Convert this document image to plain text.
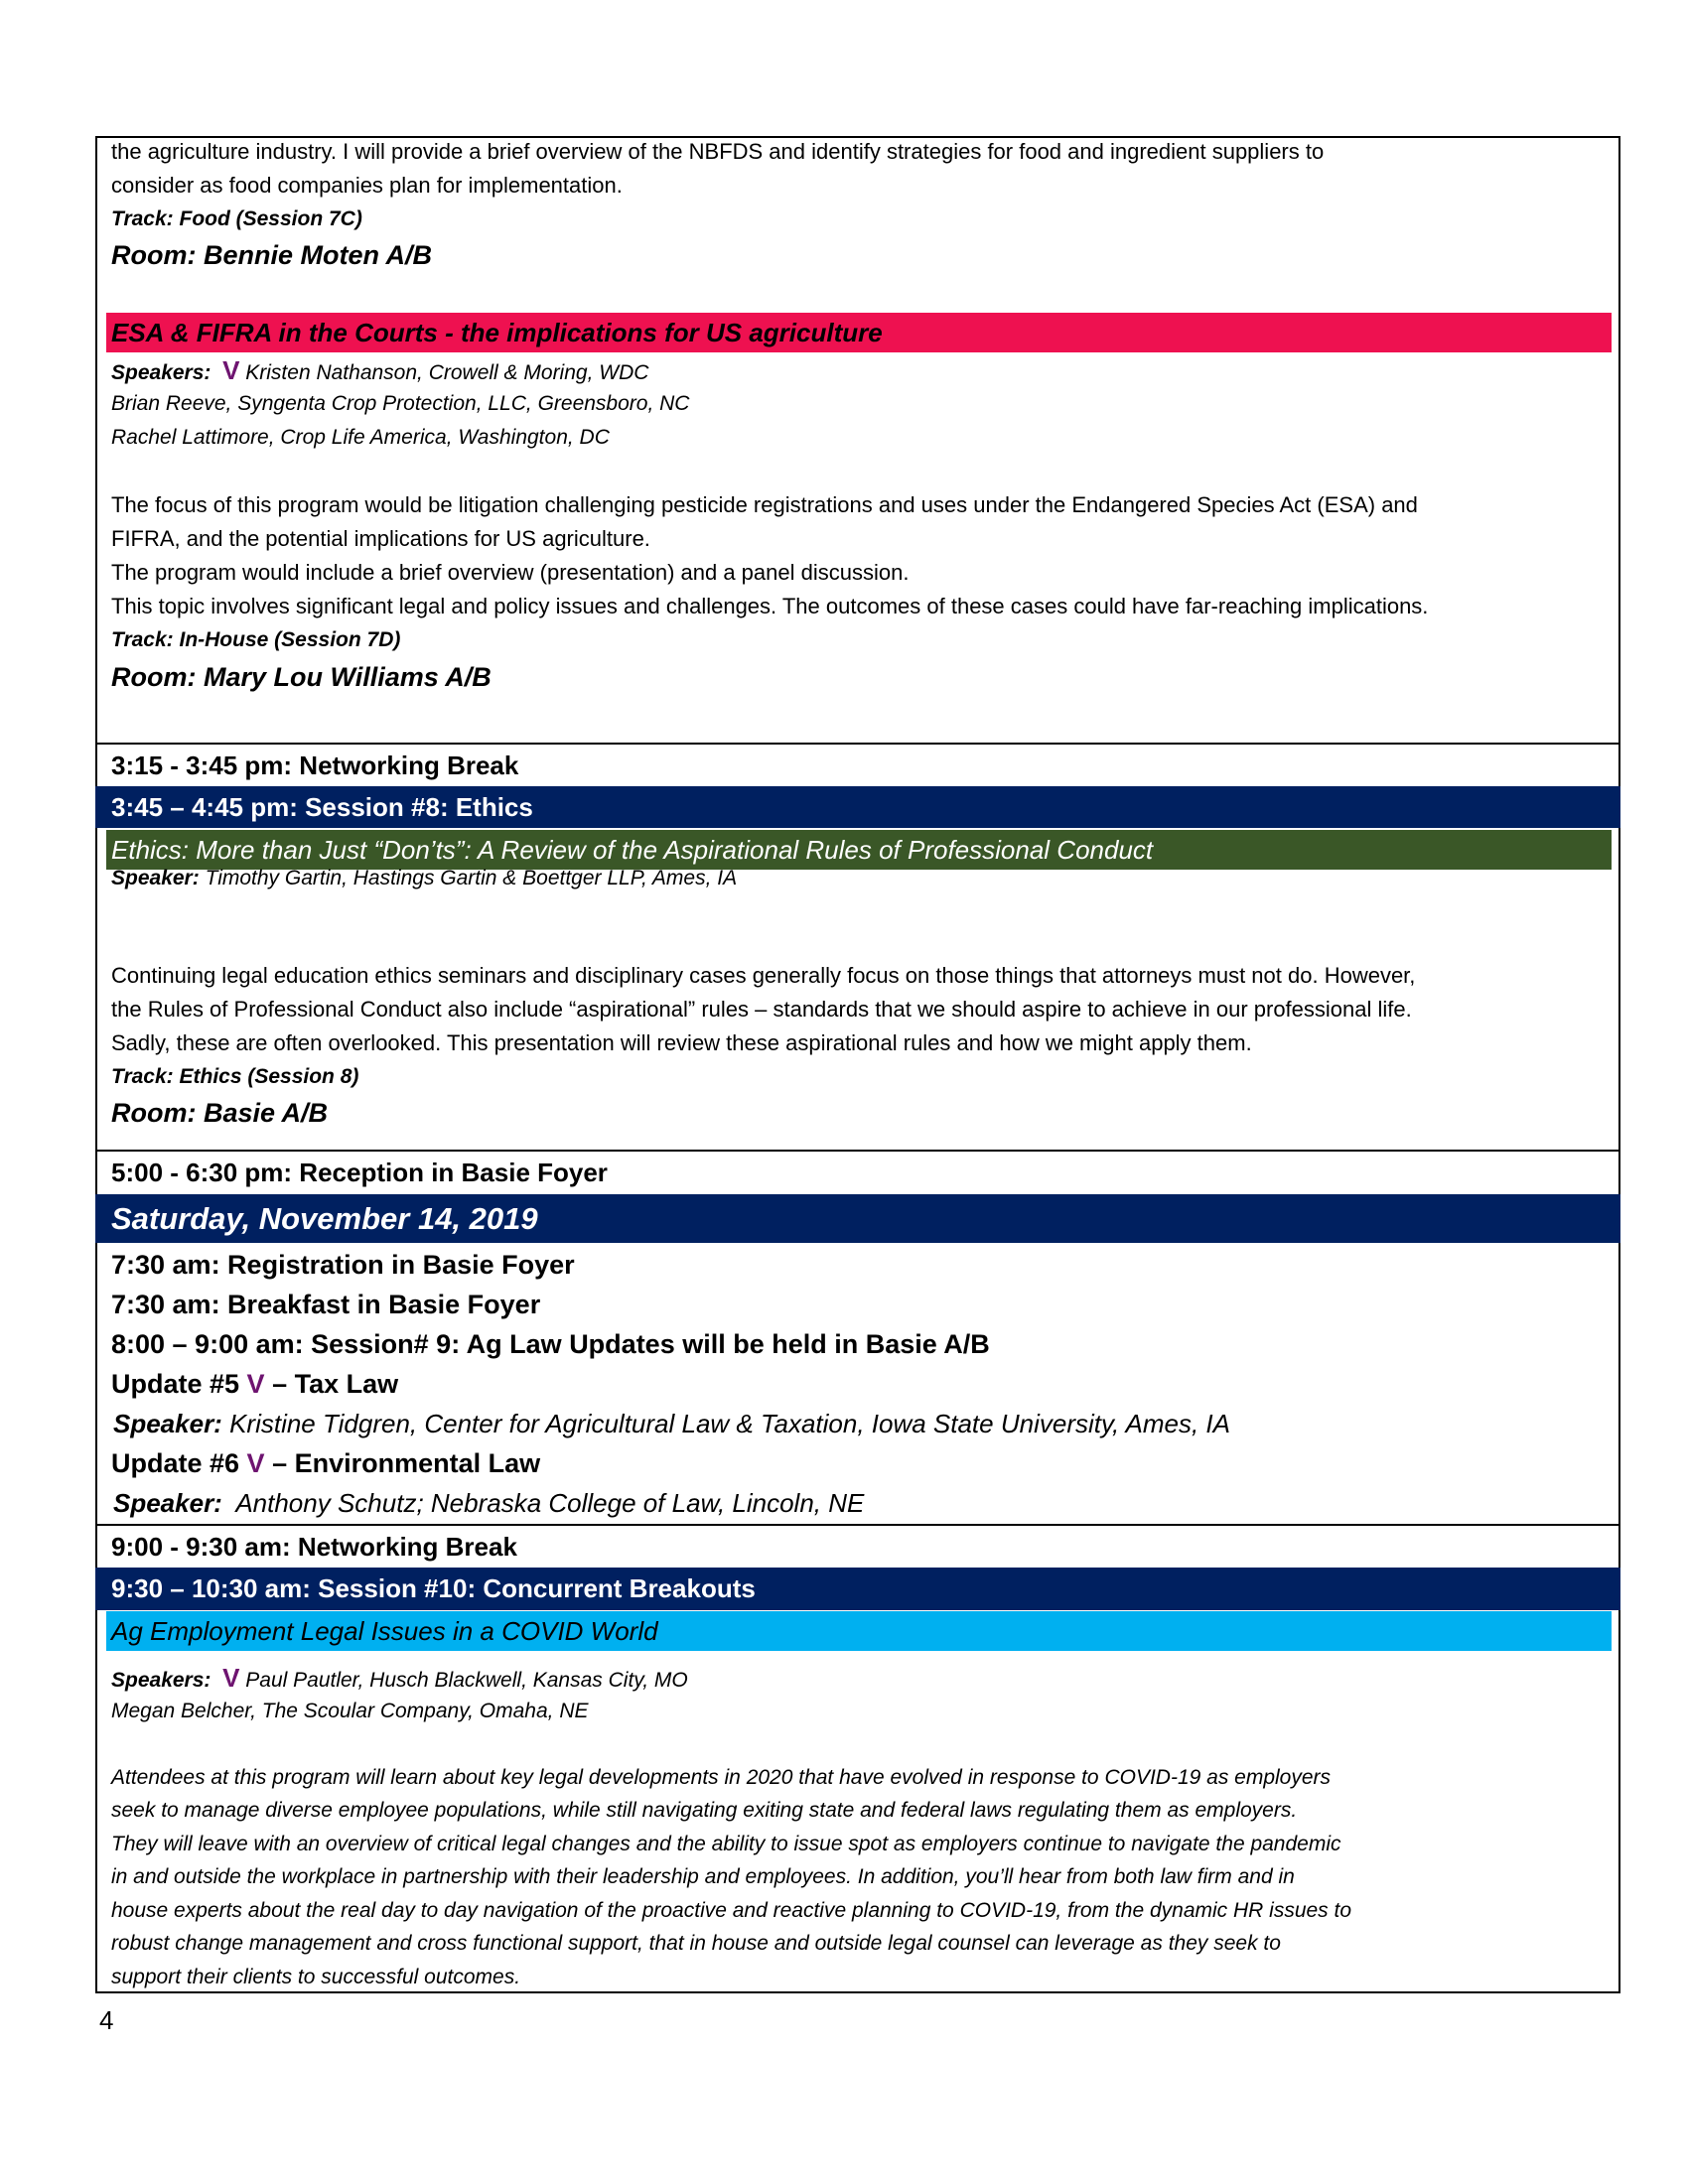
the agriculture industry. I will provide a brief overview of the NBFDS and identify strategies for food and ingredient suppliers to
consider as food companies plan for implementation.
Track: Food (Session 7C)
Room: Bennie Moten A/B
ESA & FIFRA in the Courts - the implications for US agriculture
Speakers: V Kristen Nathanson, Crowell & Moring, WDC
Brian Reeve, Syngenta Crop Protection, LLC, Greensboro, NC
Rachel Lattimore, Crop Life America, Washington, DC
The focus of this program would be litigation challenging pesticide registrations and uses under the Endangered Species Act (ESA) and
FIFRA, and the potential implications for US agriculture.
The program would include a brief overview (presentation) and a panel discussion.
This topic involves significant legal and policy issues and challenges. The outcomes of these cases could have far-reaching implications.
Track: In-House (Session 7D)
Room: Mary Lou Williams A/B
3:15 - 3:45 pm: Networking Break
3:45 – 4:45 pm: Session #8: Ethics
Ethics: More than Just “Don’ts”: A Review of the Aspirational Rules of Professional Conduct
Speaker: Timothy Gartin, Hastings Gartin & Boettger LLP, Ames, IA
Continuing legal education ethics seminars and disciplinary cases generally focus on those things that attorneys must not do. However,
the Rules of Professional Conduct also include “aspirational” rules – standards that we should aspire to achieve in our professional life.
Sadly, these are often overlooked. This presentation will review these aspirational rules and how we might apply them.
Track: Ethics (Session 8)
Room: Basie A/B
5:00 - 6:30 pm: Reception in Basie Foyer
Saturday, November 14, 2019
7:30 am: Registration in Basie Foyer
7:30 am: Breakfast in Basie Foyer
8:00 – 9:00 am: Session# 9: Ag Law Updates will be held in Basie A/B
Update #5 V – Tax Law
Speaker: Kristine Tidgren, Center for Agricultural Law & Taxation, Iowa State University, Ames, IA
Update #6 V – Environmental Law
Speaker:  Anthony Schutz; Nebraska College of Law, Lincoln, NE
9:00 - 9:30 am: Networking Break
9:30 – 10:30 am: Session #10: Concurrent Breakouts
Ag Employment Legal Issues in a COVID World
Speakers: V Paul Pautler, Husch Blackwell, Kansas City, MO
Megan Belcher, The Scoular Company, Omaha, NE
Attendees at this program will learn about key legal developments in 2020 that have evolved in response to COVID-19 as employers
seek to manage diverse employee populations, while still navigating exiting state and federal laws regulating them as employers.
They will leave with an overview of critical legal changes and the ability to issue spot as employers continue to navigate the pandemic
in and outside the workplace in partnership with their leadership and employees. In addition, you’ll hear from both law firm and in
house experts about the real day to day navigation of the proactive and reactive planning to COVID-19, from the dynamic HR issues to
robust change management and cross functional support, that in house and outside legal counsel can leverage as they seek to
support their clients to successful outcomes.
4
